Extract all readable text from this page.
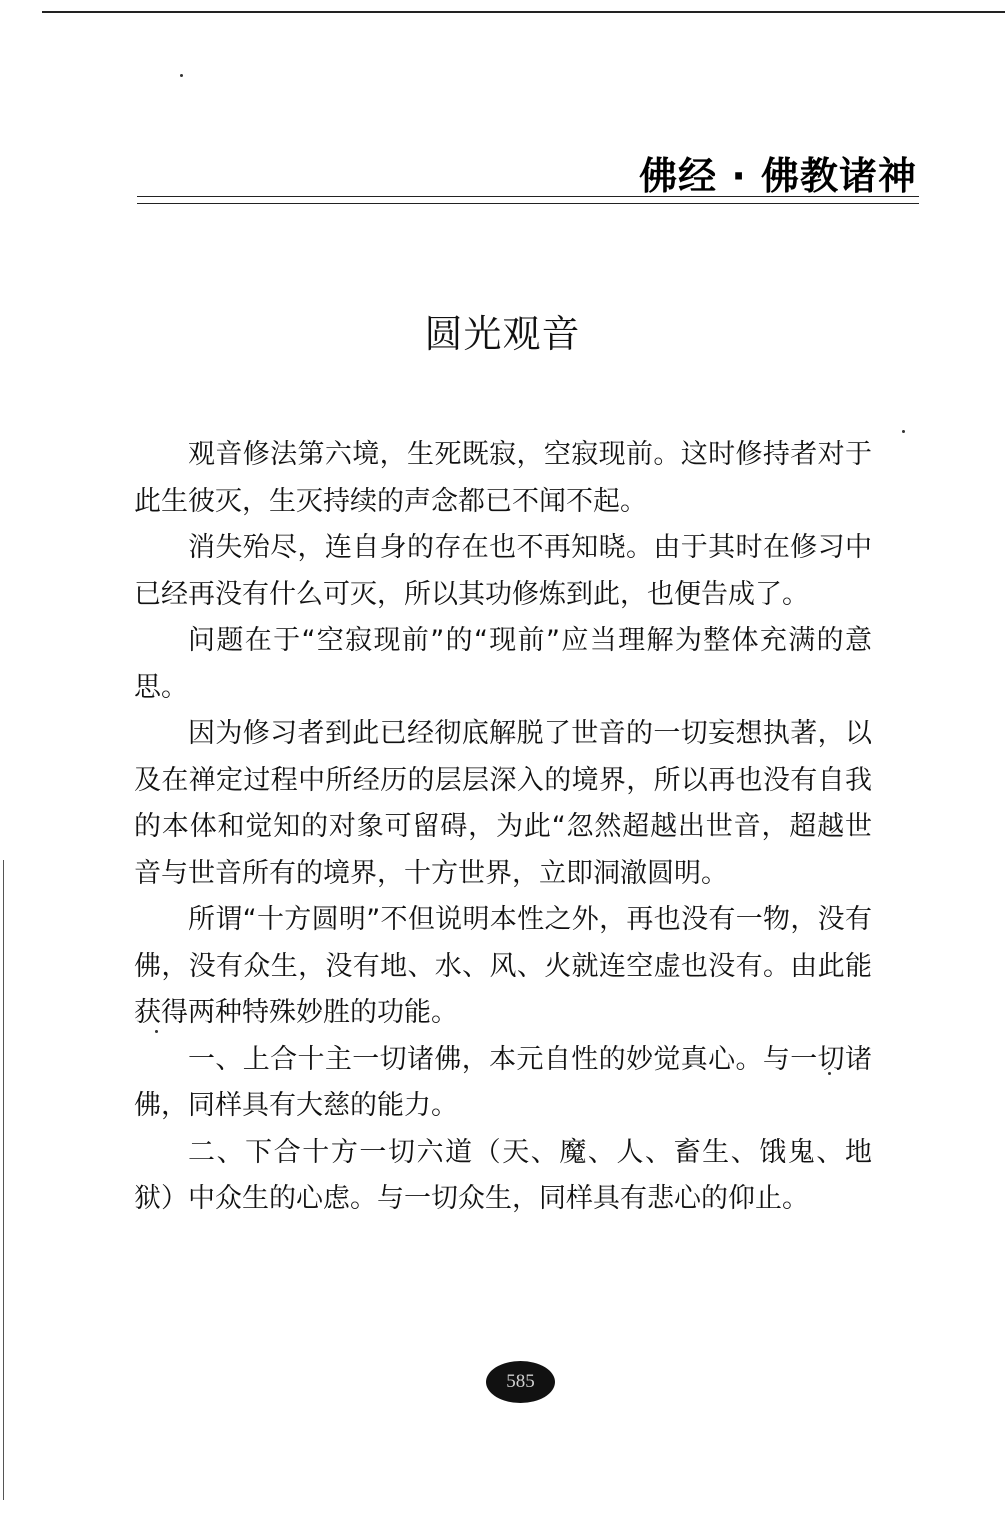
佛经 · 佛教诸神
圆光观音

观音修法第六境，生死既寂，空寂现前。这时修持者对于此生彼灭，生灭持续的声念都已不闻不起。

消失殆尽，连自身的存在也不再知晓。由于其时在修习中已经再没有什么可灭，所以其功修炼到此，也便告成了。

问题在于“空寂现前”的“现前”应当理解为整体充满的意思。

因为修习者到此已经彻底解脱了世音的一切妄想执著，以及在禅定过程中所经历的层层深入的境界，所以再也没有自我的本体和觉知的对象可留碍，为此“忽然超越出世音，超越世音与世音所有的境界，十方世界，立即洞澈圆明。

所谓“十方圆明”不但说明本性之外，再也没有一物，没有佛，没有众生，没有地、水、风、火就连空虚也没有。由此能获得两种特殊妙胜的功能。

一、上合十主一切诸佛，本元自性的妙觉真心。与一切诸佛，同样具有大慈的能力。

二、下合十方一切六道（天、魔、人、畜生、饿鬼、地狱）中众生的心虑。与一切众生，同样具有悲心的仰止。

585
